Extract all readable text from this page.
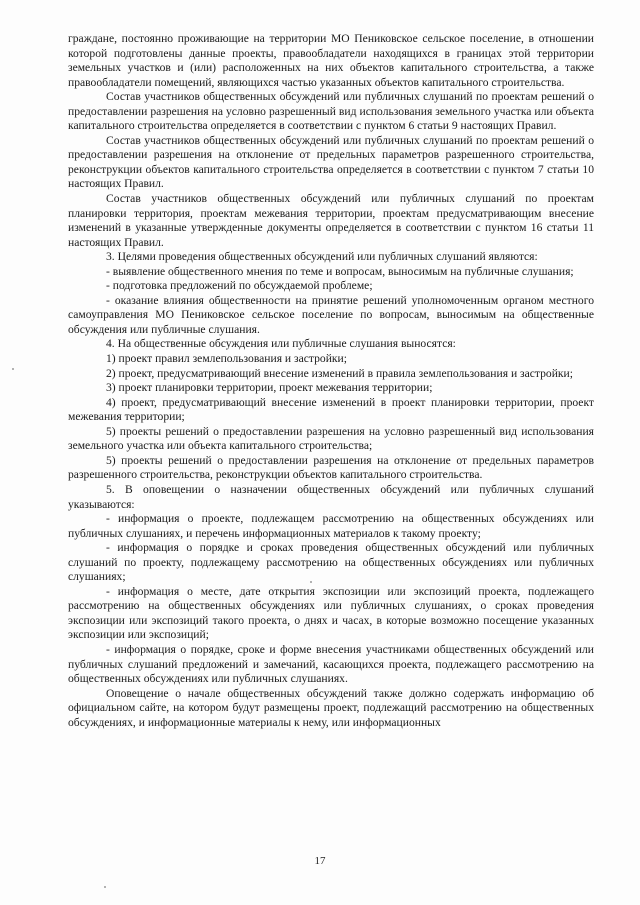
граждане, постоянно проживающие на территории МО Пениковское сельское поселение, в отношении которой подготовлены данные проекты, правообладатели находящихся в границах этой территории земельных участков и (или) расположенных на них объектов капитального строительства, а также правообладатели помещений, являющихся частью указанных объектов капитального строительства.

Состав участников общественных обсуждений или публичных слушаний по проектам решений о предоставлении разрешения на условно разрешенный вид использования земельного участка или объекта капитального строительства определяется в соответствии с пунктом 6 статьи 9 настоящих Правил.

Состав участников общественных обсуждений или публичных слушаний по проектам решений о предоставлении разрешения на отклонение от предельных параметров разрешенного строительства, реконструкции объектов капитального строительства определяется в соответствии с пунктом 7 статьи 10 настоящих Правил.

Состав участников общественных обсуждений или публичных слушаний по проектам планировки территория, проектам межевания территории, проектам предусматривающим внесение изменений в указанные утвержденные документы определяется в соответствии с пунктом 16 статьи 11 настоящих Правил.

3. Целями проведения общественных обсуждений или публичных слушаний являются:

- выявление общественного мнения по теме и вопросам, выносимым на публичные слушания;

- подготовка предложений по обсуждаемой проблеме;

- оказание влияния общественности на принятие решений уполномоченным органом местного самоуправления МО Пениковское сельское поселение по вопросам, выносимым на общественные обсуждения или публичные слушания.

4. На общественные обсуждения или публичные слушания выносятся:

1) проект правил землепользования и застройки;

2) проект, предусматривающий внесение изменений в правила землепользования и застройки;

3) проект планировки территории, проект межевания территории;

4) проект, предусматривающий внесение изменений в проект планировки территории, проект межевания территории;

5) проекты решений о предоставлении разрешения на условно разрешенный вид использования земельного участка или объекта капитального строительства;

5) проекты решений о предоставлении разрешения на отклонение от предельных параметров разрешенного строительства, реконструкции объектов капитального строительства.

5. В оповещении о назначении общественных обсуждений или публичных слушаний указываются:

- информация о проекте, подлежащем рассмотрению на общественных обсуждениях или публичных слушаниях, и перечень информационных материалов к такому проекту;

- информация о порядке и сроках проведения общественных обсуждений или публичных слушаний по проекту, подлежащему рассмотрению на общественных обсуждениях или публичных слушаниях;

- информация о месте, дате открытия экспозиции или экспозиций проекта, подлежащего рассмотрению на общественных обсуждениях или публичных слушаниях, о сроках проведения экспозиции или экспозиций такого проекта, о днях и часах, в которые возможно посещение указанных экспозиции или экспозиций;

- информация о порядке, сроке и форме внесения участниками общественных обсуждений или публичных слушаний предложений и замечаний, касающихся проекта, подлежащего рассмотрению на общественных обсуждениях или публичных слушаниях.

Оповещение о начале общественных обсуждений также должно содержать информацию об официальном сайте, на котором будут размещены проект, подлежащий рассмотрению на общественных обсуждениях, и информационные материалы к нему, или информационных

17
